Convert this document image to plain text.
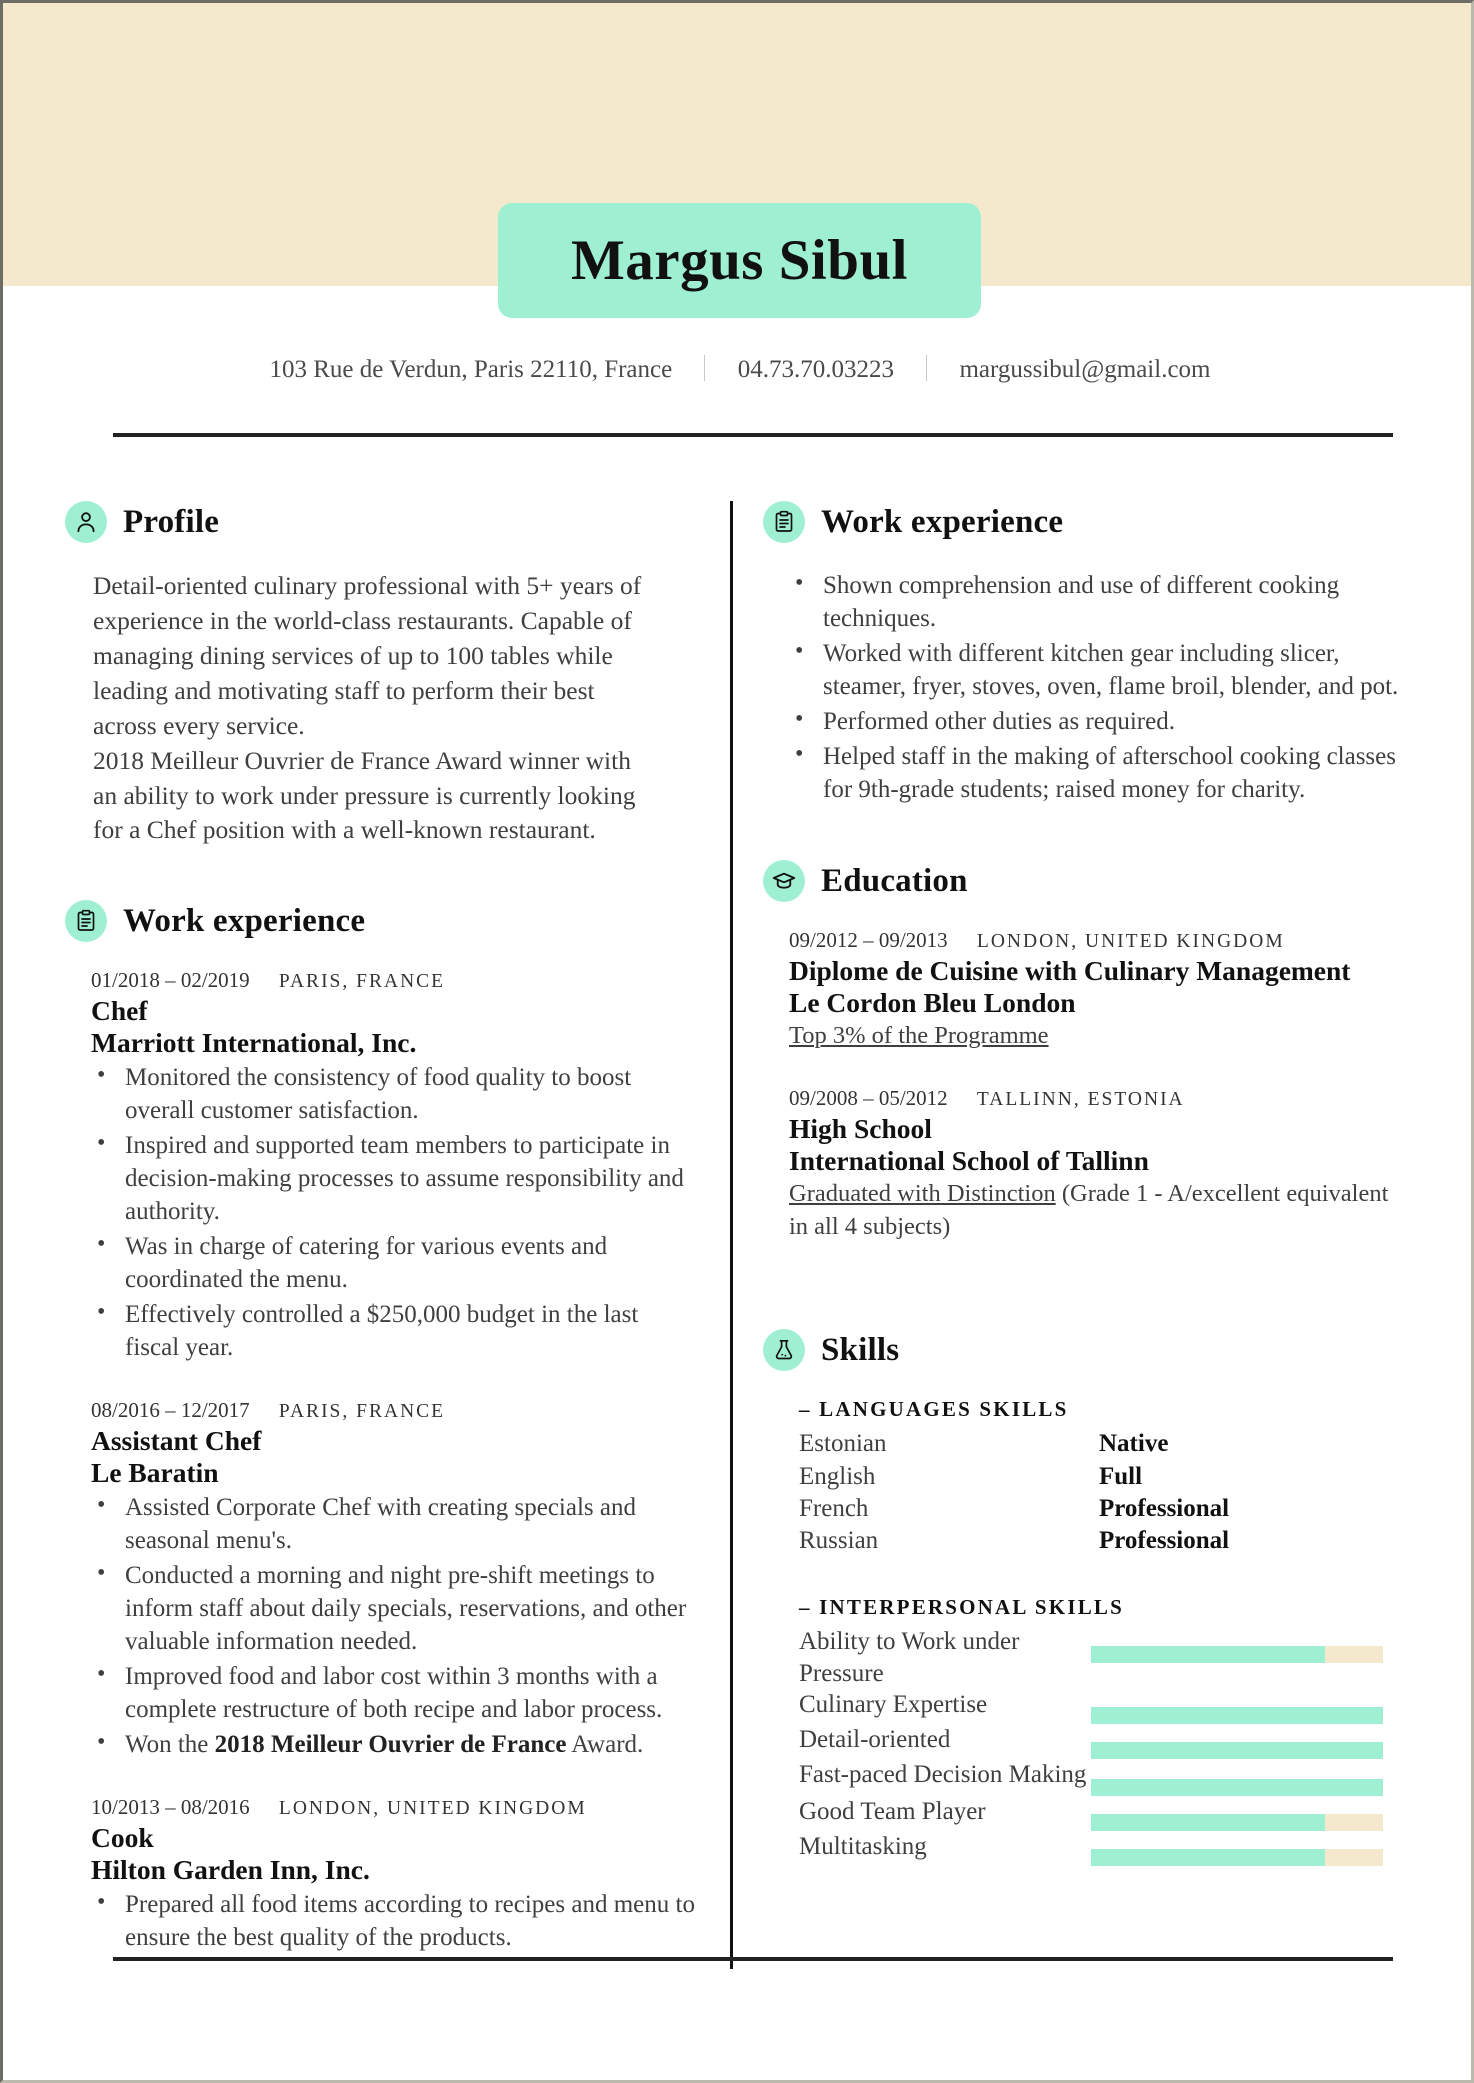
Margus Sibul
103 Rue de Verdun, Paris 22110, France	04.73.70.03223	margussibul@gmail.com
Profile

Detail-oriented culinary professional with 5+ years of experience in the world-class restaurants. Capable of managing dining services of up to 100 tables while leading and motivating staff to perform their best across every service.

2018 Meilleur Ouvrier de France Award winner with an ability to work under pressure is currently looking for a Chef position with a well-known restaurant.

Work experience
01/2018 – 02/2019 PARIS, FRANCE
Chef
Marriott International, Inc.
• Monitored the consistency of food quality to boost overall customer satisfaction.
• Inspired and supported team members to participate in decision-making processes to assume responsibility and authority.
• Was in charge of catering for various events and coordinated the menu.
• Effectively controlled a $250,000 budget in the last fiscal year.
08/2016 – 12/2017 PARIS, FRANCE
Assistant Chef
Le Baratin
• Assisted Corporate Chef with creating specials and seasonal menu's.
• Conducted a morning and night pre-shift meetings to inform staff about daily specials, reservations, and other valuable information needed.
• Improved food and labor cost within 3 months with a complete restructure of both recipe and labor process.
• Won the 2018 Meilleur Ouvrier de France Award.
10/2013 – 08/2016 LONDON, UNITED KINGDOM
Cook
Hilton Garden Inn, Inc.
• Prepared all food items according to recipes and menu to ensure the best quality of the products.
Work experience
• Shown comprehension and use of different cooking techniques.
• Worked with different kitchen gear including slicer, steamer, fryer, stoves, oven, flame broil, blender, and pot.
• Performed other duties as required.
• Helped staff in the making of afterschool cooking classes for 9th-grade students; raised money for charity.
Education
09/2012 – 09/2013 LONDON, UNITED KINGDOM
Diplome de Cuisine with Culinary Management
Le Cordon Bleu London
Top 3% of the Programme
09/2008 – 05/2012 TALLINN, ESTONIA
High School
International School of Tallinn
Graduated with Distinction (Grade 1 - A/excellent equivalent in all 4 subjects)
Skills
– LANGUAGES SKILLS
Estonian	Native
English	Full
French	Professional
Russian	Professional
– INTERPERSONAL SKILLS
Ability to Work under Pressure
Culinary Expertise
Detail-oriented
Fast-paced Decision Making
Good Team Player
Multitasking
